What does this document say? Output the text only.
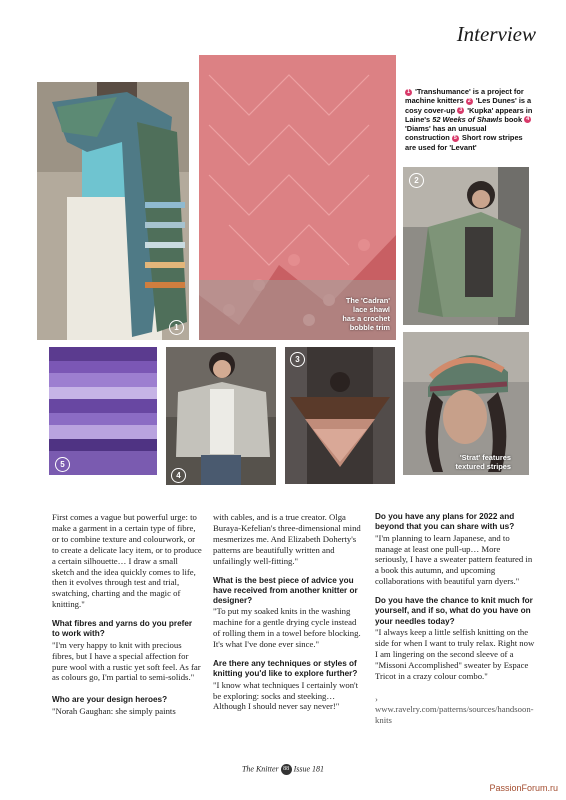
Interview
1
The 'Cadran'
lace shawl
has a crochet
bobble trim
1 'Transhumance' is a project for machine knitters 2 'Les Dunes' is a cosy cover-up 3 'Kupka' appears in Laine's 52 Weeks of Shawls book 4 'Diams' has an unusual construction 5 Short row stripes are used for 'Levant'
2
5
4
3
'Strat' features
textured stripes

First comes a vague but powerful urge: to make a garment in a certain type of fibre, or to combine texture and colourwork, or to create a delicate lacy item, or to produce a certain silhouette… I draw a small sketch and the idea quickly comes to life, then it evolves through test and trial, swatching, charting and the magic of knitting."

What fibres and yarns do you prefer to work with?

"I'm very happy to knit with precious fibres, but I have a special affection for pure wool with a rustic yet soft feel. As far as colours go, I'm partial to semi-solids."

Who are your design heroes?

"Norah Gaughan: she simply paints

with cables, and is a true creator. Olga Buraya-Kefelian's three-dimensional mind mesmerizes me. And Elizabeth Doherty's patterns are beautifully written and unfailingly well-fitting."

What is the best piece of advice you have received from another knitter or designer?

"To put my soaked knits in the washing machine for a gentle drying cycle instead of rolling them in a towel before blocking. It's what I've done ever since."

Are there any techniques or styles of knitting you'd like to explore further?

"I know what techniques I certainly won't be exploring: socks and steeking… Although I should never say never!"

Do you have any plans for 2022 and beyond that you can share with us?

"I'm planning to learn Japanese, and to manage at least one pull-up… More seriously, I have a sweater pattern featured in a book this autumn, and upcoming collaborations with beautiful yarn dyers."

Do you have the chance to knit much for yourself, and if so, what do you have on your needles today?

"I always keep a little selfish knitting on the side for when I want to truly relax. Right now I am lingering on the second sleeve of a "Missoni Accomplished" sweater by Espace Tricot in a crazy colour combo."

› www.ravelry.com/patterns/sources/handsoon-knits

The Knitter 88 Issue 181
PassionForum.ru
